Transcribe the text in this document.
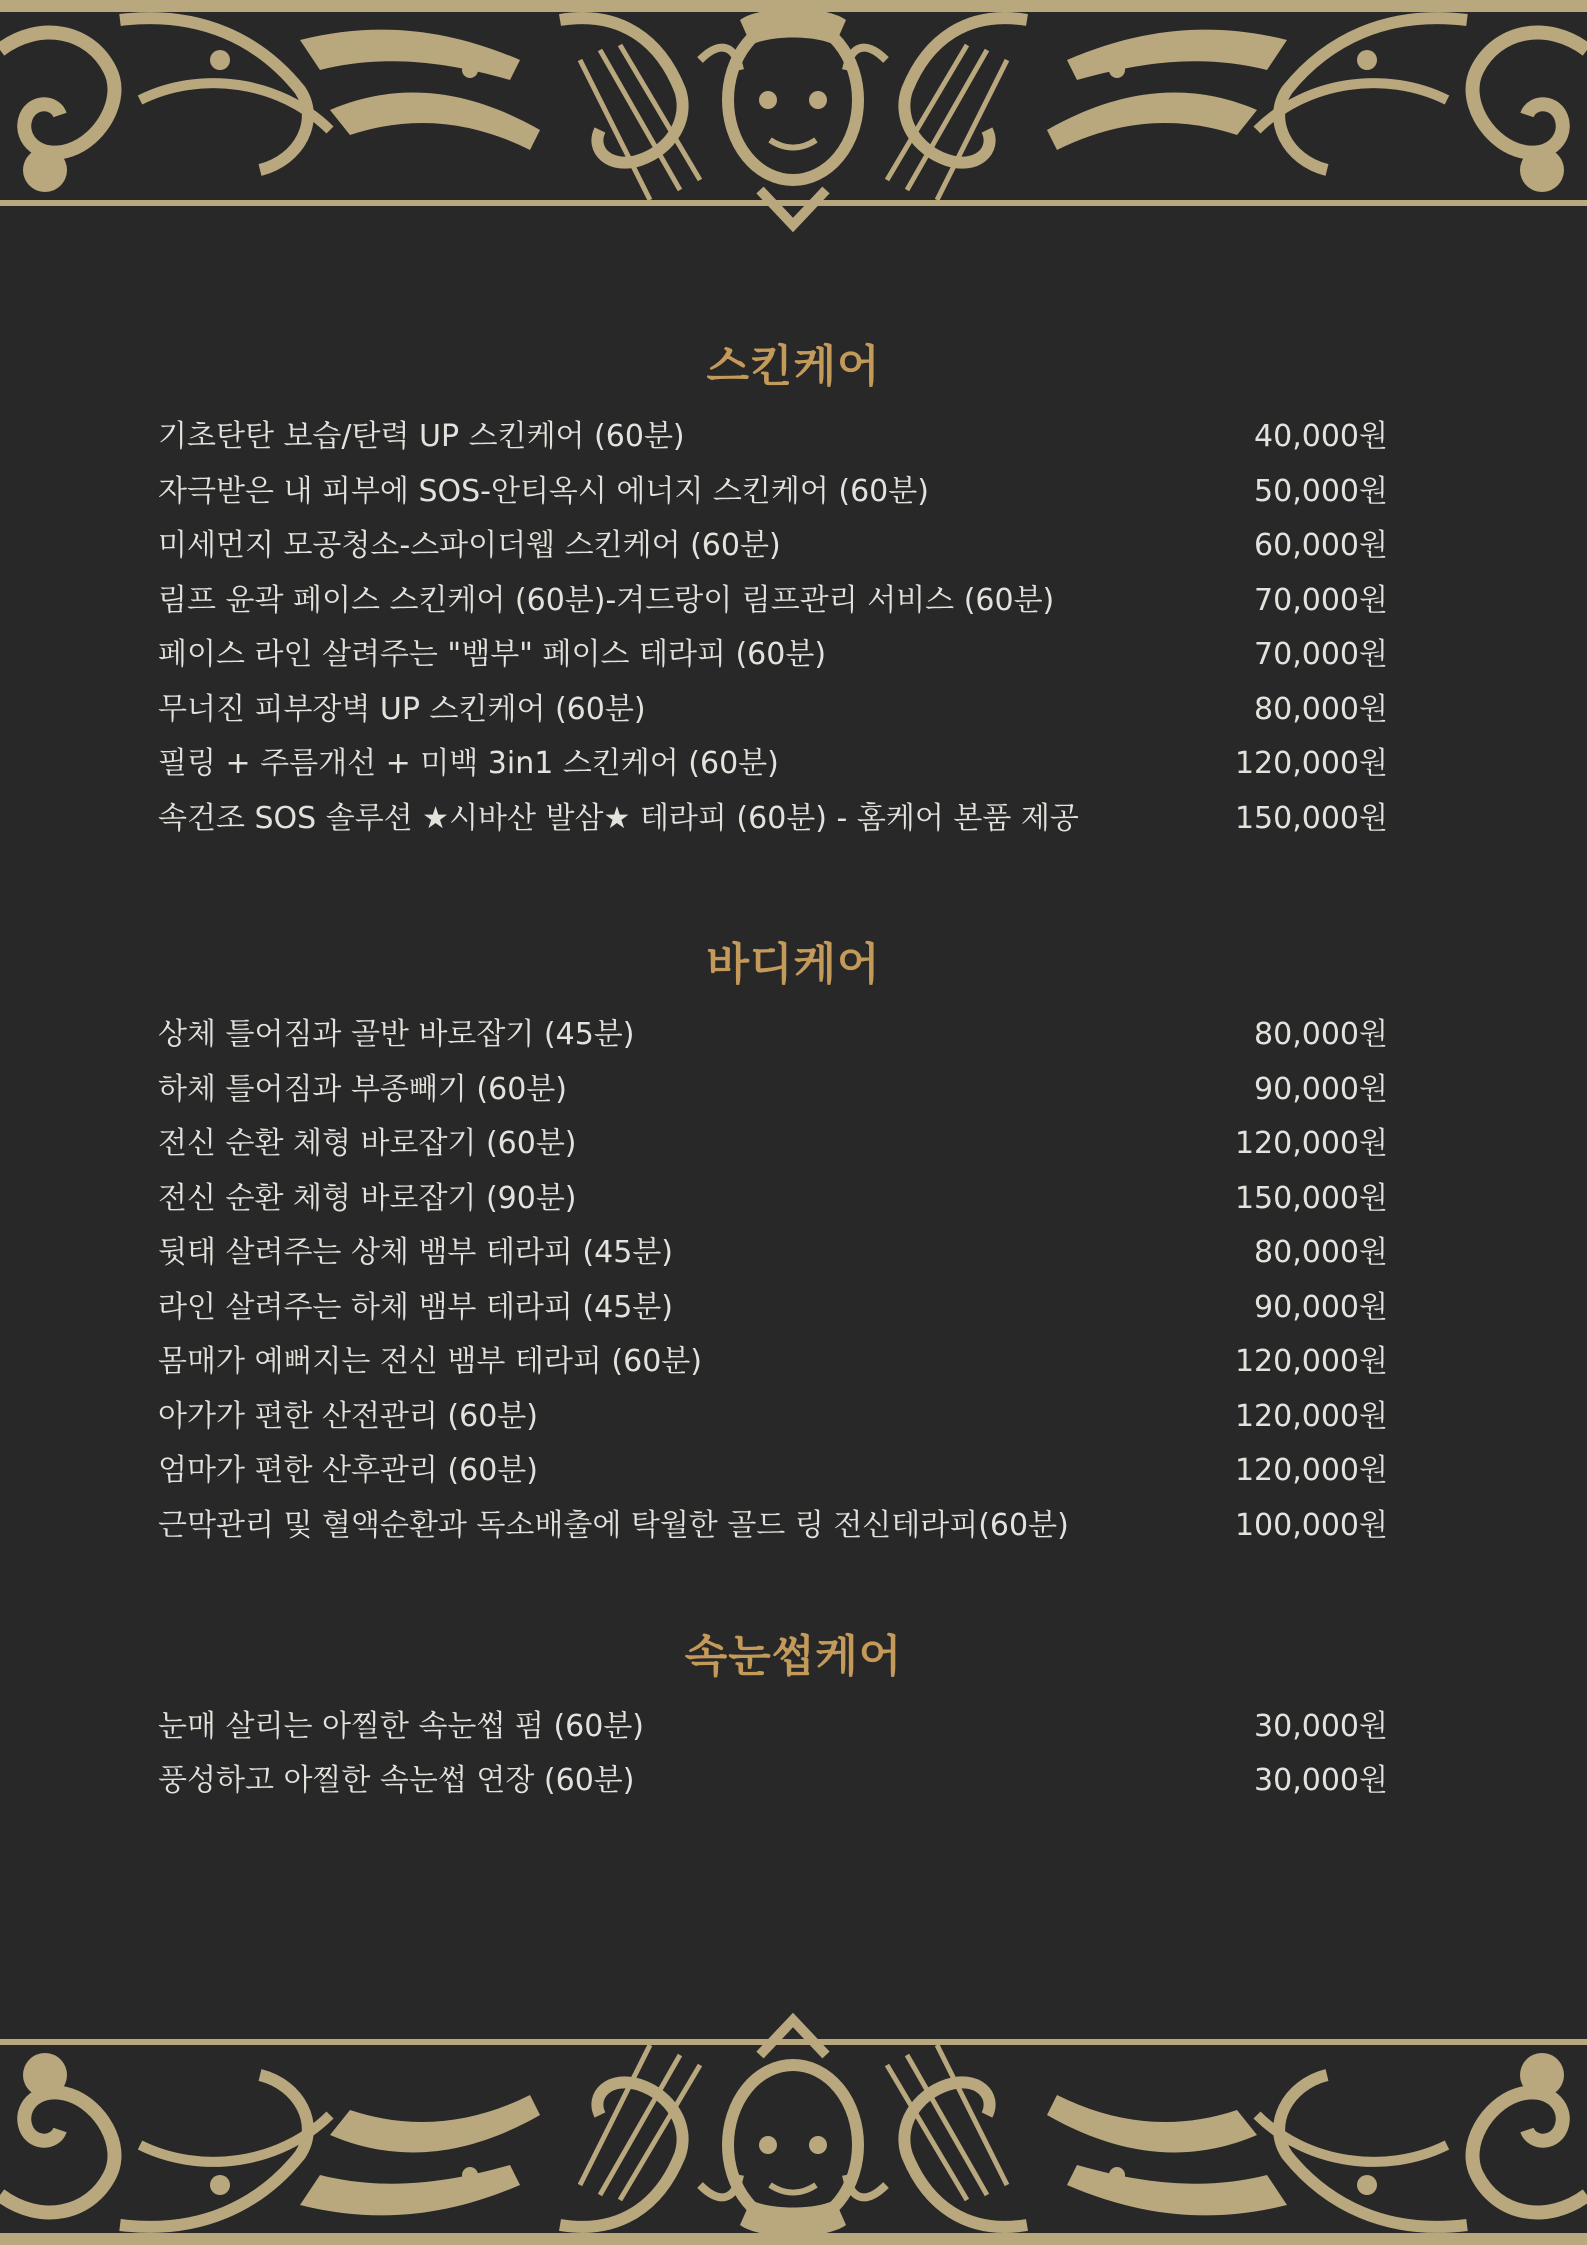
스킨케어
바디케어
속눈썹케어
기초탄탄 보습/탄력 UP 스킨케어 (60분)	40,000원
자극받은 내 피부에 SOS-안티옥시 에너지 스킨케어 (60분)	50,000원
미세먼지 모공청소-스파이더웹 스킨케어 (60분)	60,000원
림프 윤곽 페이스 스킨케어 (60분)-겨드랑이 림프관리 서비스 (60분)	70,000원
페이스 라인 살려주는 "뱀부" 페이스 테라피 (60분)	70,000원
무너진 피부장벽 UP 스킨케어 (60분)	80,000원
필링 + 주름개선 + 미백 3in1 스킨케어 (60분)	120,000원
속건조 SOS 솔루션 ★시바산 발삼★ 테라피 (60분) - 홈케어 본품 제공	150,000원
상체 틀어짐과 골반 바로잡기 (45분)	80,000원
하체 틀어짐과 부종빼기 (60분)	90,000원
전신 순환 체형 바로잡기 (60분)	120,000원
전신 순환 체형 바로잡기 (90분)	150,000원
뒷태 살려주는 상체 뱀부 테라피 (45분)	80,000원
라인 살려주는 하체 뱀부 테라피 (45분)	90,000원
몸매가 예뻐지는 전신 뱀부 테라피 (60분)	120,000원
아가가 편한 산전관리 (60분)	120,000원
엄마가 편한 산후관리 (60분)	120,000원
근막관리 및 혈액순환과 독소배출에 탁월한 골드 링 전신테라피(60분)	100,000원
눈매 살리는 아찔한 속눈썹 펌 (60분)	30,000원
풍성하고 아찔한 속눈썹 연장 (60분)	30,000원
